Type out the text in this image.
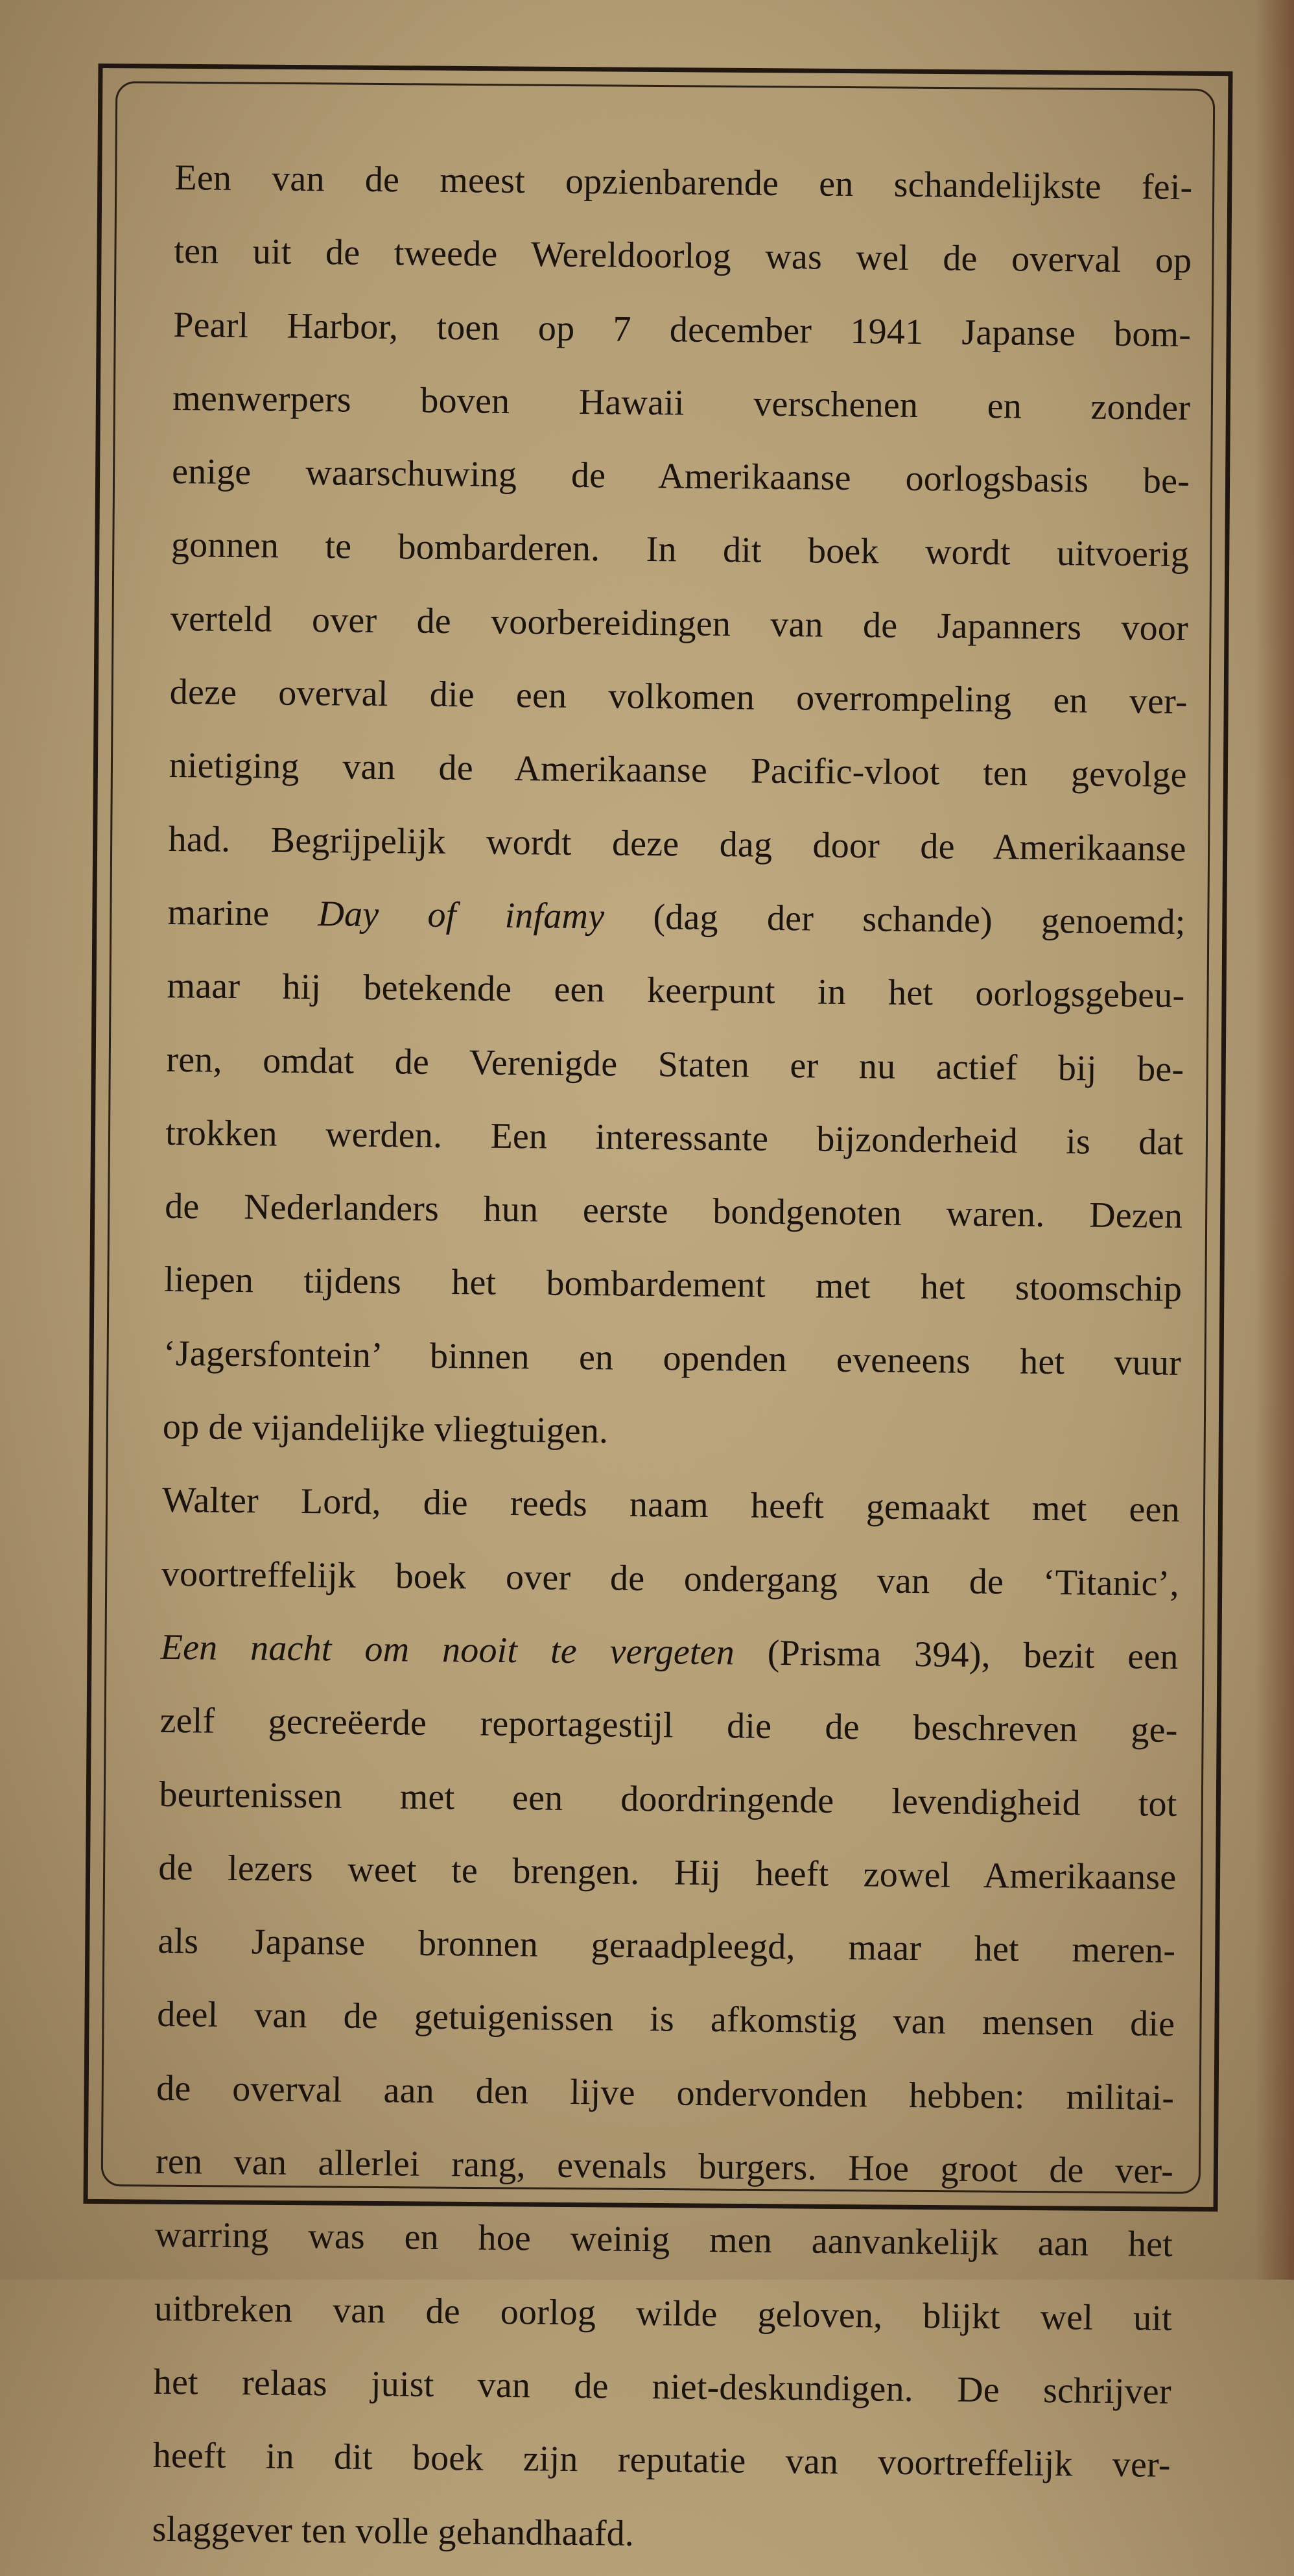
Een van de meest opzienbarende en schandelijkste fei-
ten uit de tweede Wereldoorlog was wel de overval op
Pearl Harbor, toen op 7 december 1941 Japanse bom-
menwerpers boven Hawaii verschenen en zonder
enige waarschuwing de Amerikaanse oorlogsbasis be-
gonnen te bombarderen. In dit boek wordt uitvoerig
verteld over de voorbereidingen van de Japanners voor
deze overval die een volkomen overrompeling en ver-
nietiging van de Amerikaanse Pacific-vloot ten gevolge
had. Begrijpelijk wordt deze dag door de Amerikaanse
marine Day of infamy (dag der schande) genoemd;
maar hij betekende een keerpunt in het oorlogsgebeu-
ren, omdat de Verenigde Staten er nu actief bij be-
trokken werden. Een interessante bijzonderheid is dat
de Nederlanders hun eerste bondgenoten waren. Dezen
liepen tijdens het bombardement met het stoomschip
‘Jagersfontein’ binnen en openden eveneens het vuur
op de vijandelijke vliegtuigen.
Walter Lord, die reeds naam heeft gemaakt met een
voortreffelijk boek over de ondergang van de ‘Titanic’,
Een nacht om nooit te vergeten (Prisma 394), bezit een
zelf gecreëerde reportagestijl die de beschreven ge-
beurtenissen met een doordringende levendigheid tot
de lezers weet te brengen. Hij heeft zowel Amerikaanse
als Japanse bronnen geraadpleegd, maar het meren-
deel van de getuigenissen is afkomstig van mensen die
de overval aan den lijve ondervonden hebben: militai-
ren van allerlei rang, evenals burgers. Hoe groot de ver-
warring was en hoe weinig men aanvankelijk aan het
uitbreken van de oorlog wilde geloven, blijkt wel uit
het relaas juist van de niet-deskundigen. De schrijver
heeft in dit boek zijn reputatie van voortreffelijk ver-
slaggever ten volle gehandhaafd.
